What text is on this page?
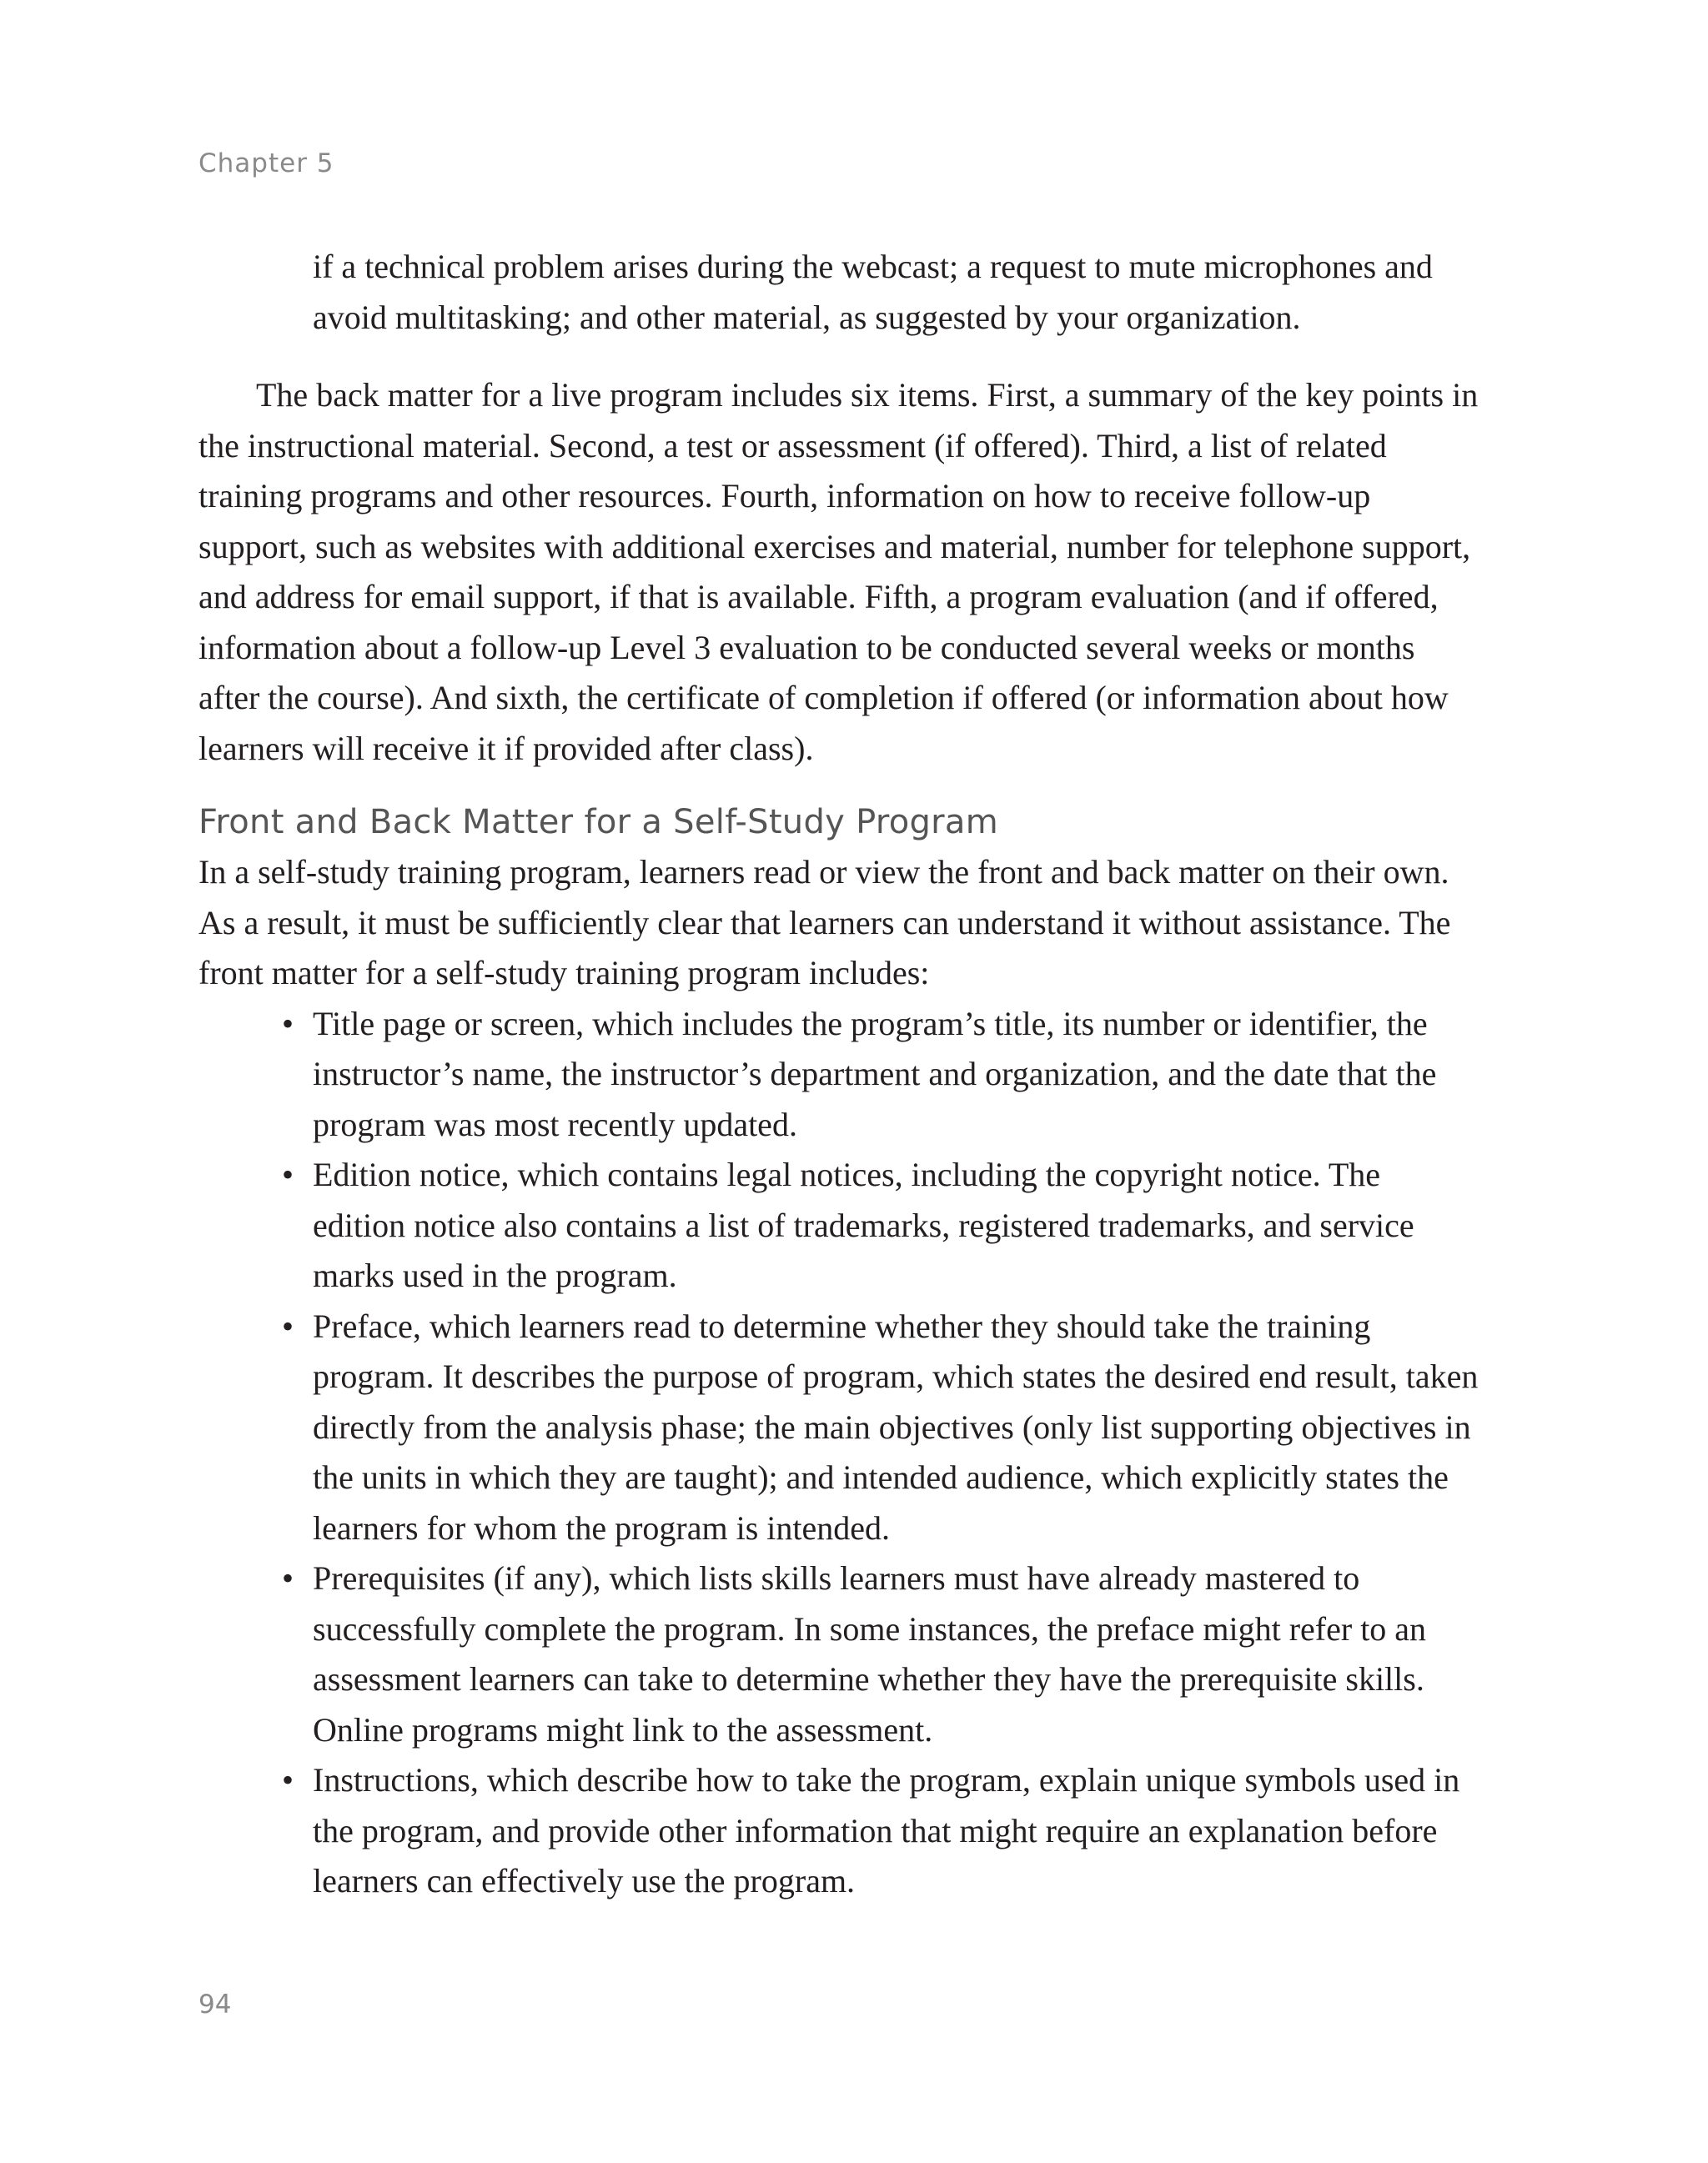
Chapter 5

if a technical problem arises during the webcast; a request to mute microphones and avoid multitasking; and other material, as suggested by your organization.

The back matter for a live program includes six items. First, a summary of the key points in the instructional material. Second, a test or assessment (if offered). Third, a list of related training programs and other resources. Fourth, information on how to receive follow-up support, such as websites with additional exercises and material, number for telephone support, and address for email support, if that is available. Fifth, a program evaluation (and if offered, information about a follow-up Level 3 evaluation to be conducted several weeks or months after the course). And sixth, the certificate of completion if offered (or information about how learners will receive it if provided after class).

Front and Back Matter for a Self-Study Program

In a self-study training program, learners read or view the front and back matter on their own. As a result, it must be sufficiently clear that learners can understand it without assistance. The front matter for a self-study training program includes:

• Title page or screen, which includes the program’s title, its number or identifier, the instructor’s name, the instructor’s department and organization, and the date that the program was most recently updated.
• Edition notice, which contains legal notices, including the copyright notice. The edition notice also contains a list of trademarks, registered trademarks, and service marks used in the program.
• Preface, which learners read to determine whether they should take the training program. It describes the purpose of program, which states the desired end result, taken directly from the analysis phase; the main objectives (only list supporting objectives in the units in which they are taught); and intended audience, which explicitly states the learners for whom the program is intended.
• Prerequisites (if any), which lists skills learners must have already mastered to successfully complete the program. In some instances, the preface might refer to an assessment learners can take to determine whether they have the prerequisite skills. Online programs might link to the assessment.
• Instructions, which describe how to take the program, explain unique symbols used in the program, and provide other information that might require an explanation before learners can effectively use the program.
94
